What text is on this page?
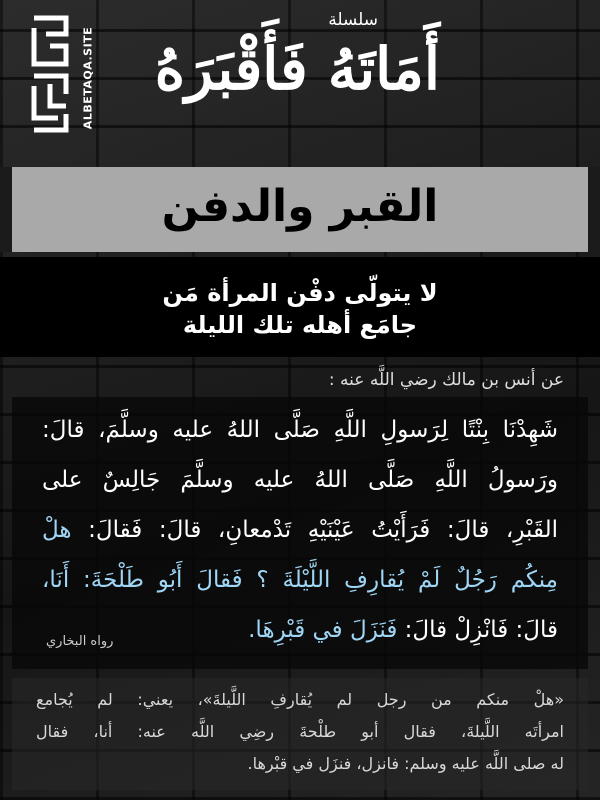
ALBETAQA.SITE
سلسلة
أَمَاتَهُ فَأَقْبَرَهُ
القبر والدفن
لا يتولّى دفْن المرأة مَن
جامَع أهله تلك الليلة
عن أنس بن مالك رضي اللَّه عنه :
شَهِدْنَا بِنْتًا لِرَسولِ اللَّهِ صَلَّى اللهُ عليه وسلَّمَ، قالَ:
ورَسولُ اللَّهِ صَلَّى اللهُ عليه وسلَّمَ جَالِسٌ على
القَبْرِ، قالَ: فَرَأَيْتُ عَيْنَيْهِ تَدْمعانِ، قالَ: فَقالَ: هلْ
مِنكُم رَجُلٌ لَمْ يُقارِفِ اللَّيْلَةَ ؟ فَقالَ أَبُو طَلْحَةَ: أَنَا،
قالَ: فَانْزِلْ قالَ: فَنَزَلَ في قَبْرِهَا.
رواه البخاري
«هلْ منكم من رجل لم يُقارفِ اللَّيلةَ»، يعني: لم يُجامع
امرأتَه اللَّيلةَ، فقال أبو طلْحةَ رضِي اللَّه عنه: أنا، فقال
له صلى اللَّه عليه وسلم: فانزل، فنزَل في قبْرها.
